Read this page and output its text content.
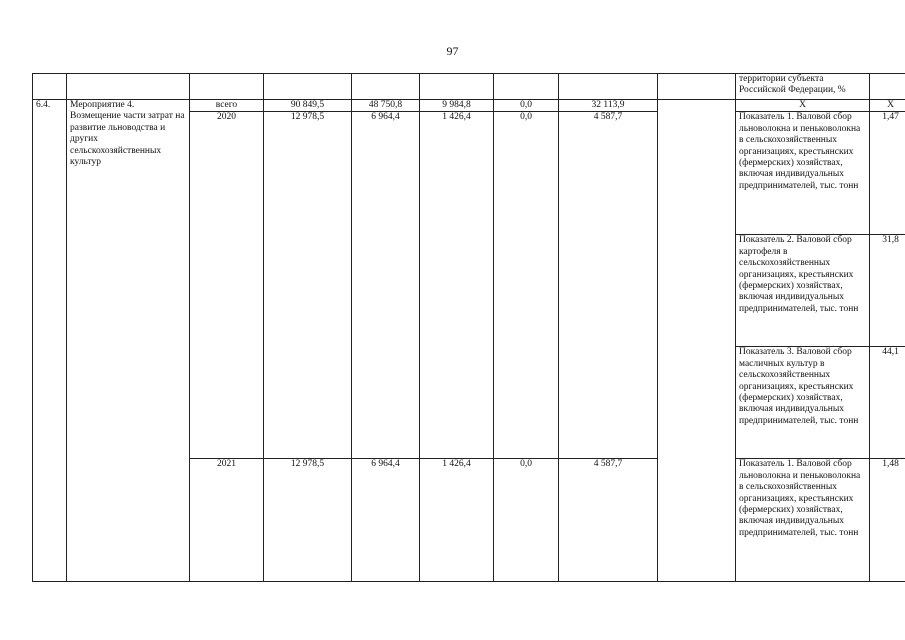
97
									территории субъекта Российской Федерации, %	
6.4.	Мероприятие 4. Возмещение части затрат на развитие льноводства и других сельскохозяйственных культур	всего	90 849,5	48 750,8	9 984,8	0,0	32 113,9		Х	Х
		2020	12 978,5	6 964,4	1 426,4	0,0	4 587,7		Показатель 1. Валовой сбор льноволокна и пеньковолокна в сельскохозяйственных организациях, крестьянских (фермерских) хозяйствах, включая индивидуальных предпринимателей, тыс. тонн	1,47
									Показатель 2. Валовой сбор картофеля в сельскохозяйственных организациях, крестьянских (фермерских) хозяйствах, включая индивидуальных предпринимателей, тыс. тонн	31,8
									Показатель 3. Валовой сбор масличных культур в сельскохозяйственных организациях, крестьянских (фермерских) хозяйствах, включая индивидуальных предпринимателей, тыс. тонн	44,1
		2021	12 978,5	6 964,4	1 426,4	0,0	4 587,7		Показатель 1. Валовой сбор льноволокна и пеньковолокна в сельскохозяйственных организациях, крестьянских (фермерских) хозяйствах, включая индивидуальных предпринимателей, тыс. тонн	1,48
